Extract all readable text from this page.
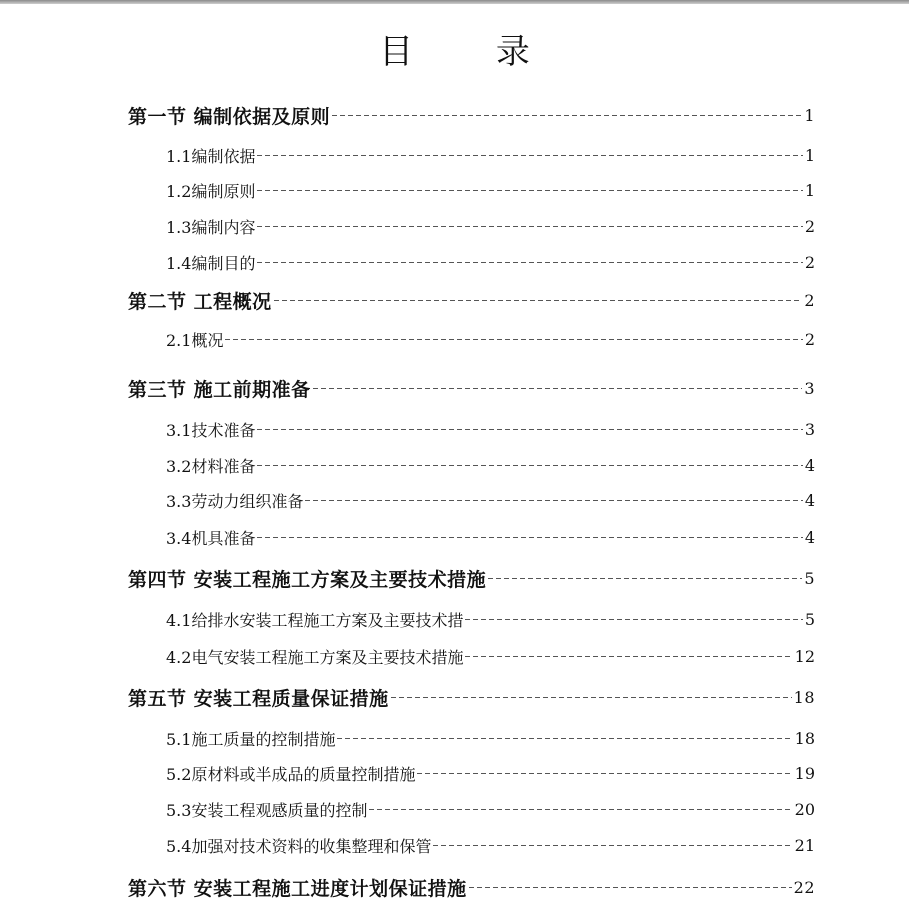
目 录
第一节 编制依据及原则	1
1.1编制依据	1
1.2编制原则	1
1.3编制内容	2
1.4编制目的	2
第二节 工程概况	2
2.1概况	2
第三节 施工前期准备	3
3.1技术准备	3
3.2材料准备	4
3.3劳动力组织准备	4
3.4机具准备	4
第四节 安装工程施工方案及主要技术措施	5
4.1给排水安装工程施工方案及主要技术措	5
4.2电气安装工程施工方案及主要技术措施	12
第五节 安装工程质量保证措施	18
5.1施工质量的控制措施	18
5.2原材料或半成品的质量控制措施	19
5.3安装工程观感质量的控制	20
5.4加强对技术资料的收集整理和保管	21
第六节 安装工程施工进度计划保证措施	22
